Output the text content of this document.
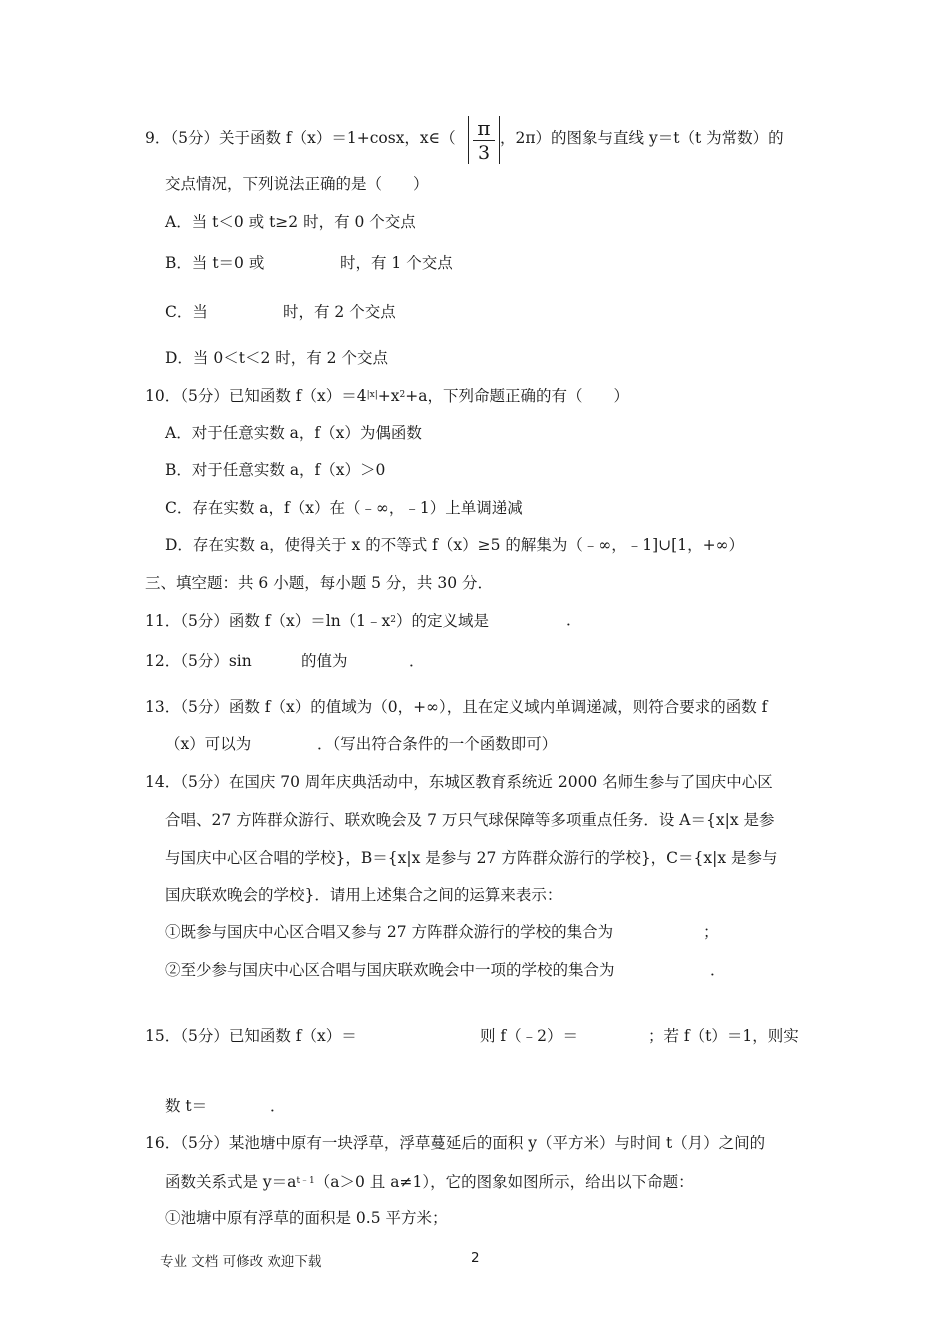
9．（5分）关于函数 f（x）＝1+cosx，x∈（	π
3
，2π）的图象与直线 y＝t（t 为常数）的
交点情况，下列说法正确的是（　　）
A．当 t＜0 或 t≥2 时，有 0 个交点
B．当 t＝0 或	时，有 1 个交点
C．当	时，有 2 个交点
D．当 0＜t＜2 时，有 2 个交点
10．（5分）已知函数 $f(x)=4^{|x|}+x^2+a$，下列命题正确的有（　　）
A．对于任意实数 a，f（x）为偶函数
B．对于任意实数 a，f（x）＞0
C．存在实数 a，f（x）在（﹣∞，﹣1）上单调递减
D．存在实数 a，使得关于 x 的不等式 f（x）≥5 的解集为（﹣∞，﹣1]∪[1，+∞）
三、填空题：共 6 小题，每小题 5 分，共 30 分．
11．（5分）函数 $f(x)=\ln(1﹣x^2)$的定义域是	．
12．（5分）sin	的值为	．
13．（5分）函数 f（x）的值域为（0，+∞），且在定义域内单调递减，则符合要求的函数 f
（x）可以为	．（写出符合条件的一个函数即可）
14．（5分）在国庆 70 周年庆典活动中，东城区教育系统近 2000 名师生参与了国庆中心区
合唱、27 方阵群众游行、联欢晚会及 7 万只气球保障等多项重点任务．设 A＝{x|x 是参
与国庆中心区合唱的学校}，B＝{x|x 是参与 27 方阵群众游行的学校}，C＝{x|x 是参与
国庆联欢晚会的学校}．请用上述集合之间的运算来表示：
①既参与国庆中心区合唱又参与 27 方阵群众游行的学校的集合为	；
②至少参与国庆中心区合唱与国庆联欢晚会中一项的学校的集合为	．
15．（5分）已知函数 f（x）＝	则 f（﹣2）＝	；若 f（t）＝1，则实
数 t＝	．
16．（5分）某池塘中原有一块浮草，浮草蔓延后的面积 y（平方米）与时间 t（月）之间的
函数关系式是 $y=a^{t﹣1}(a>0$ 且 a≠1），它的图象如图所示，给出以下命题：
①池塘中原有浮草的面积是 0.5 平方米；
专业 文档 可修改 欢迎下载	2
